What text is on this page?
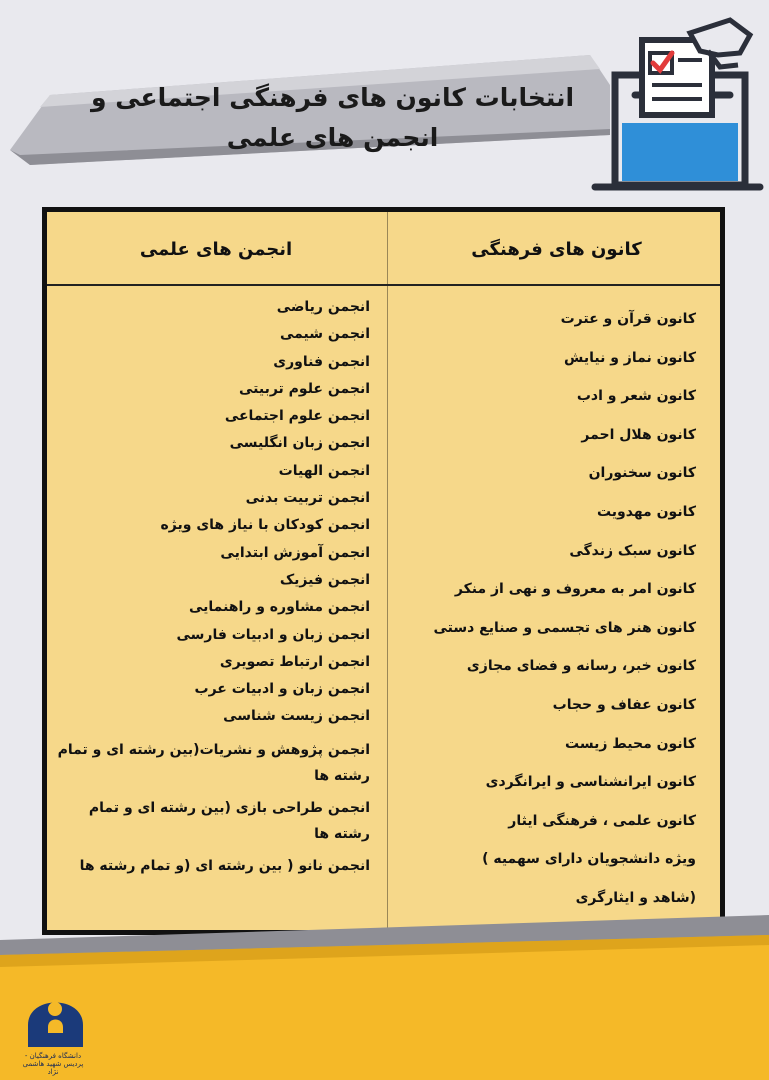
انتخابات کانون های فرهنگی اجتماعی و انجمن های علمی
کانون های فرهنگی
انجمن های علمی
کانون قرآن و عترت
کانون نماز و نیایش
کانون شعر و ادب
کانون هلال احمر
کانون سخنوران
کانون مهدویت
کانون سبک زندگی
کانون امر به معروف و نهی از منکر
کانون هنر های تجسمی و صنایع دستی
کانون خبر، رسانه و فضای مجازی
کانون عفاف و حجاب
کانون محیط زیست
کانون ایرانشناسی و ایرانگردی
کانون علمی ، فرهنگی ایثار
ویژه دانشجویان دارای سهمیه )
(شاهد و ایثارگری
انجمن ریاضی
انجمن شیمی
انجمن فناوری
انجمن علوم تربیتی
انجمن علوم اجتماعی
انجمن زبان انگلیسی
انجمن الهیات
انجمن تربیت بدنی
انجمن کودکان با نیاز های ویژه
انجمن آموزش ابتدایی
انجمن فیزیک
انجمن مشاوره و راهنمایی
انجمن زبان و ادبیات فارسی
انجمن ارتباط تصویری
انجمن زبان و ادبیات عرب
انجمن زیست شناسی
انجمن پژوهش و نشریات(بین رشته ای و تمام رشته ها
انجمن طراحی بازی (بین رشته ای و تمام رشته ها
انجمن نانو ( بین رشته ای (و تمام رشته ها
دانشگاه فرهنگیان - پردیس شهید هاشمی نژاد
